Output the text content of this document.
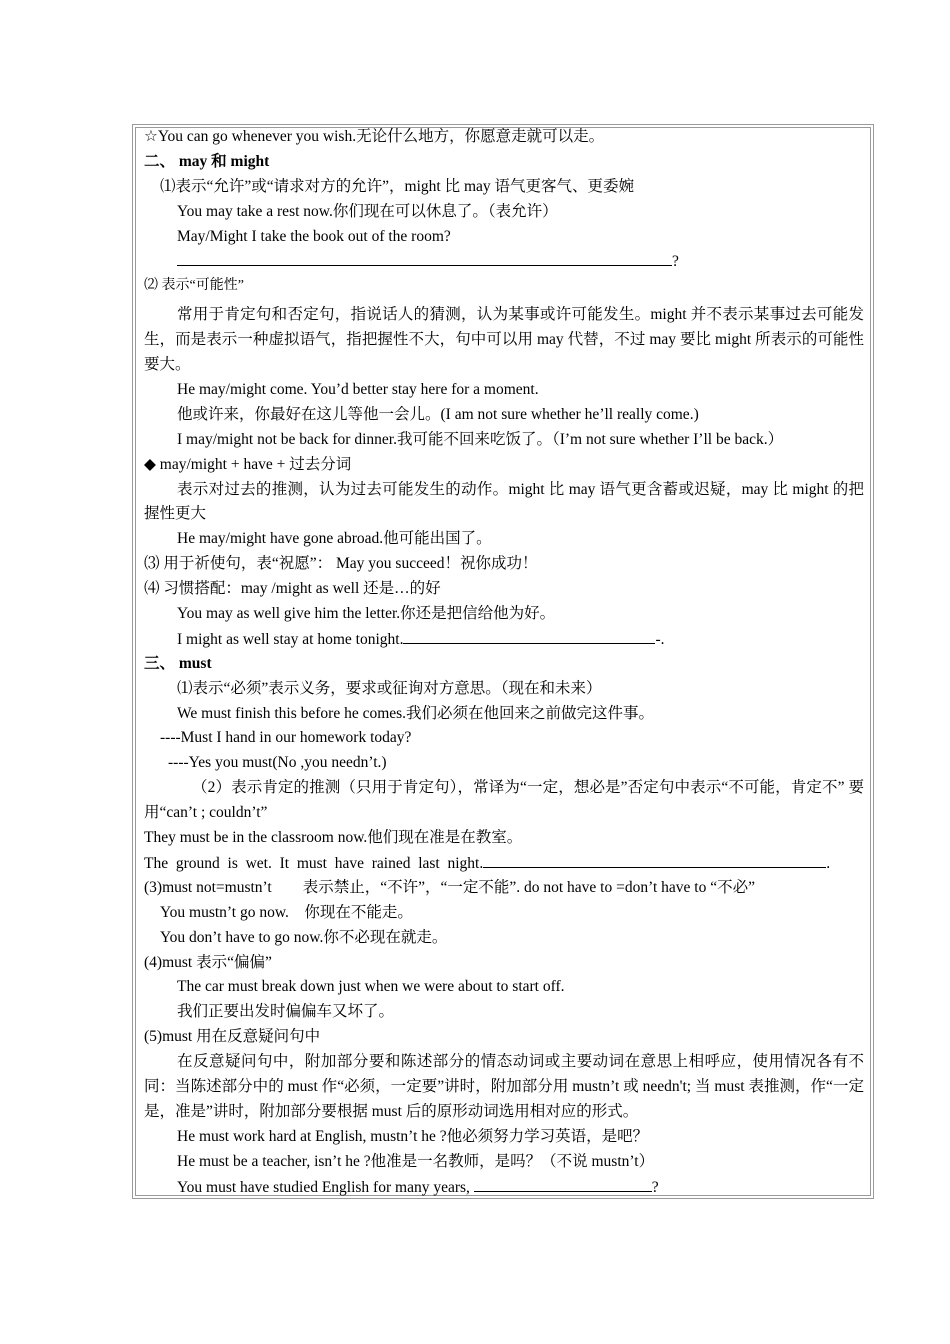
☆You can go whenever you wish.无论什么地方，你愿意走就可以走。
二、 may 和 might
⑴表示“允许”或“请求对方的允许”，might 比 may 语气更客气、更委婉
You may take a rest now.你们现在可以休息了。（表允许）
May/Might I take the book out of the room?
?
⑵ 表示“可能性”
常用于肯定句和否定句，指说话人的猜测，认为某事或许可能发生。might 并不表示某事过去可能发生，而是表示一种虚拟语气，指把握性不大，句中可以用 may 代替，不过 may 要比 might 所表示的可能性要大。
He may/might come. You’d better stay here for a moment.
他或许来，你最好在这儿等他一会儿。(I am not sure whether he’ll really come.)
I may/might not be back for dinner.我可能不回来吃饭了。（I’m not sure whether I’ll be back.）
◆ may/might + have + 过去分词
表示对过去的推测，认为过去可能发生的动作。might 比 may 语气更含蓄或迟疑，may 比 might 的把握性更大
He may/might have gone abroad.他可能出国了。
⑶ 用于祈使句，表“祝愿”： May you succeed！祝你成功！
⑷ 习惯搭配：may /might as well 还是…的好
You may as well give him the letter.你还是把信给他为好。
I might as well stay at home tonight.	-.
三、 must
⑴表示“必须”表示义务，要求或征询对方意思。（现在和未来）
We must finish this before he comes.我们必须在他回来之前做完这件事。
----Must I hand in our homework today?
----Yes you must(No ,you needn’t.)
（2）表示肯定的推测（只用于肯定句），常译为“一定，想必是”否定句中表示“不可能，肯定不” 要用“can’t ; couldn’t”
They must be in the classroom now.他们现在准是在教室。
The  ground  is  wet.  It  must  have  rained  last  night.	.
(3)must not=mustn’t        表示禁止，“不许”，“一定不能”. do not have to =don’t have to “不必”
You mustn’t go now.    你现在不能走。
You don’t have to go now.你不必现在就走。
(4)must 表示“偏偏”
The car must break down just when we were about to start off.
我们正要出发时偏偏车又坏了。
(5)must 用在反意疑问句中
在反意疑问句中，附加部分要和陈述部分的情态动词或主要动词在意思上相呼应，使用情况各有不同：当陈述部分中的 must 作“必须，一定要”讲时，附加部分用 mustn’t 或 needn't; 当 must 表推测，作“一定是，准是”讲时，附加部分要根据 must 后的原形动词选用相对应的形式。
He must work hard at English, mustn’t he ?他必须努力学习英语，是吧？
He must be a teacher, isn’t he ?他准是一名教师，是吗？（不说 mustn’t）
You must have studied English for many years,	?
